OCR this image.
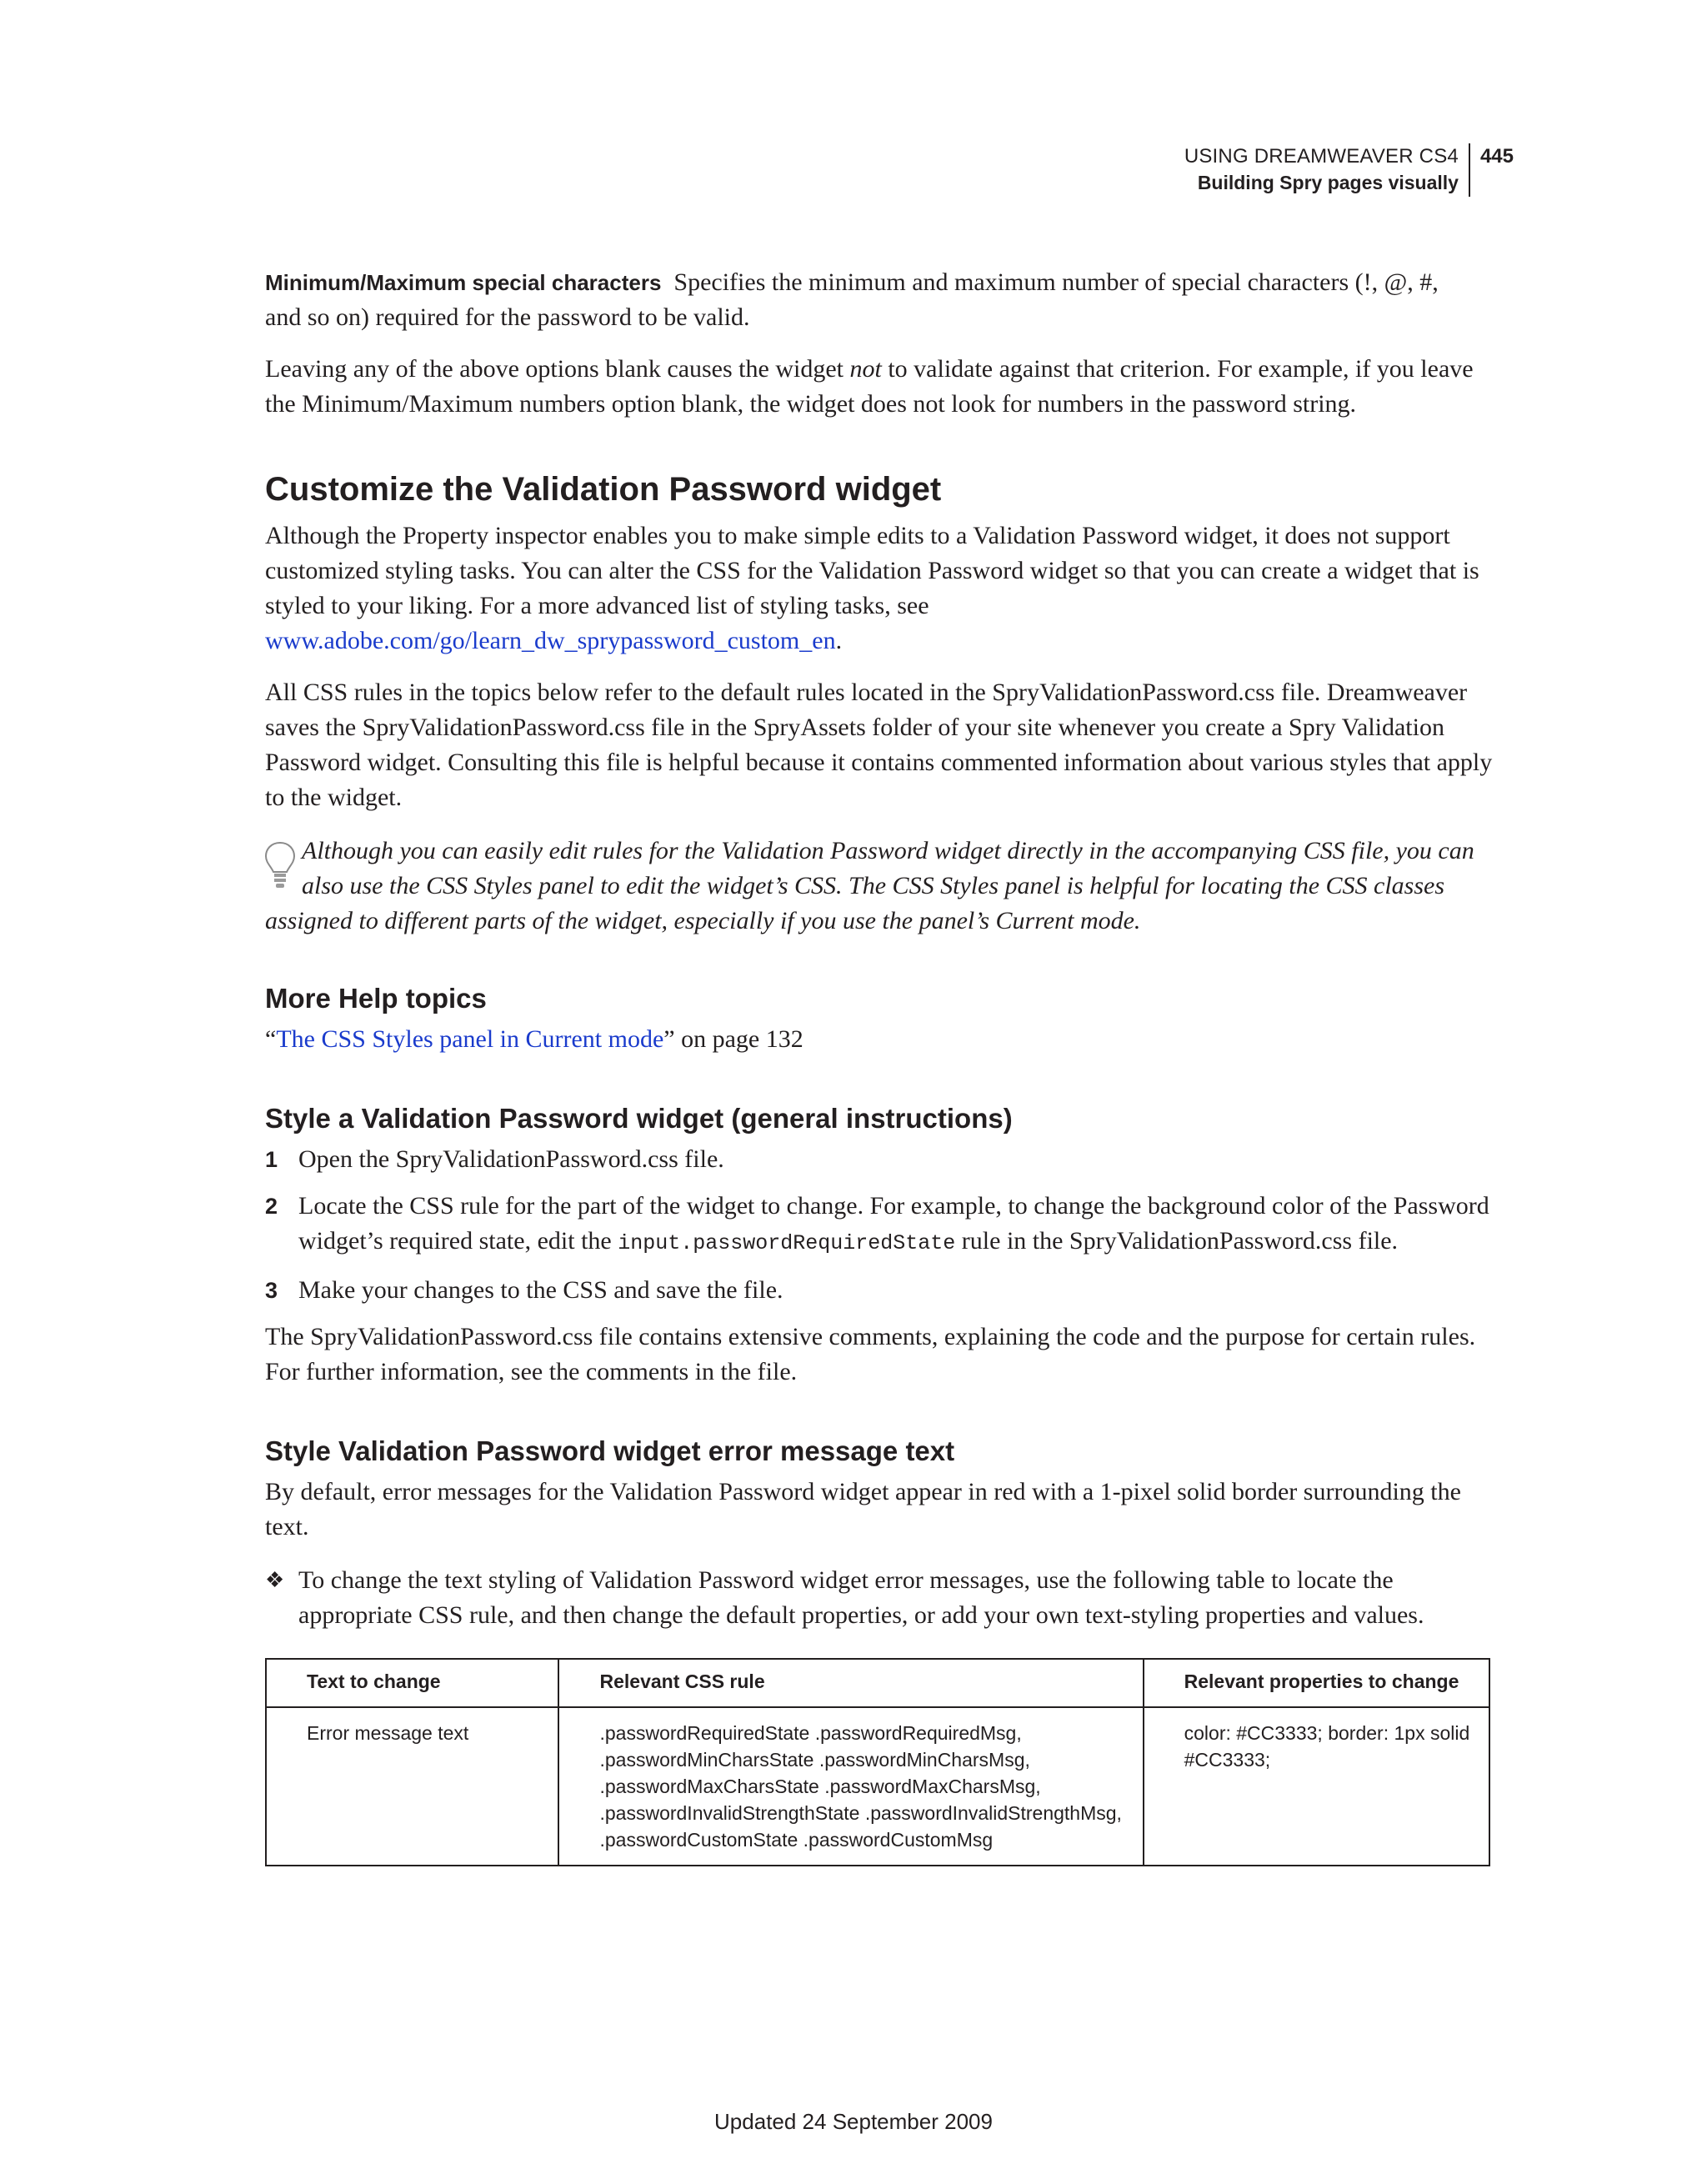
USING DREAMWEAVER CS4
Building Spry pages visually
445

Minimum/Maximum special characters Specifies the minimum and maximum number of special characters (!, @, #,
and so on) required for the password to be valid.

Leaving any of the above options blank causes the widget not to validate against that criterion. For example, if you leave the Minimum/Maximum numbers option blank, the widget does not look for numbers in the password string.

Customize the Validation Password widget

Although the Property inspector enables you to make simple edits to a Validation Password widget, it does not support customized styling tasks. You can alter the CSS for the Validation Password widget so that you can create a widget that is styled to your liking. For a more advanced list of styling tasks, see
www.adobe.com/go/learn_dw_sprypassword_custom_en.

All CSS rules in the topics below refer to the default rules located in the SpryValidationPassword.css file. Dreamweaver saves the SpryValidationPassword.css file in the SpryAssets folder of your site whenever you create a Spry Validation Password widget. Consulting this file is helpful because it contains commented information about various styles that apply to the widget.

Although you can easily edit rules for the Validation Password widget directly in the accompanying CSS file, you can
also use the CSS Styles panel to edit the widget’s CSS. The CSS Styles panel is helpful for locating the CSS classes
assigned to different parts of the widget, especially if you use the panel’s Current mode.
More Help topics

“The CSS Styles panel in Current mode” on page 132

Style a Validation Password widget (general instructions)
1 Open the SpryValidationPassword.css file.
2 Locate the CSS rule for the part of the widget to change. For example, to change the background color of the Password widget’s required state, edit the input.passwordRequiredState rule in the SpryValidationPassword.css file.
3 Make your changes to the CSS and save the file.

The SpryValidationPassword.css file contains extensive comments, explaining the code and the purpose for certain rules. For further information, see the comments in the file.

Style Validation Password widget error message text

By default, error messages for the Validation Password widget appear in red with a 1-pixel solid border surrounding the text.

❖ To change the text styling of Validation Password widget error messages, use the following table to locate the appropriate CSS rule, and then change the default properties, or add your own text-styling properties and values.
Text to change	Relevant CSS rule	Relevant properties to change
Error message text	.passwordRequiredState .passwordRequiredMsg,
.passwordMinCharsState .passwordMinCharsMsg,
.passwordMaxCharsState .passwordMaxCharsMsg,
.passwordInvalidStrengthState .passwordInvalidStrengthMsg,
.passwordCustomState .passwordCustomMsg	color: #CC3333; border: 1px solid
#CC3333;
Updated 24 September 2009
